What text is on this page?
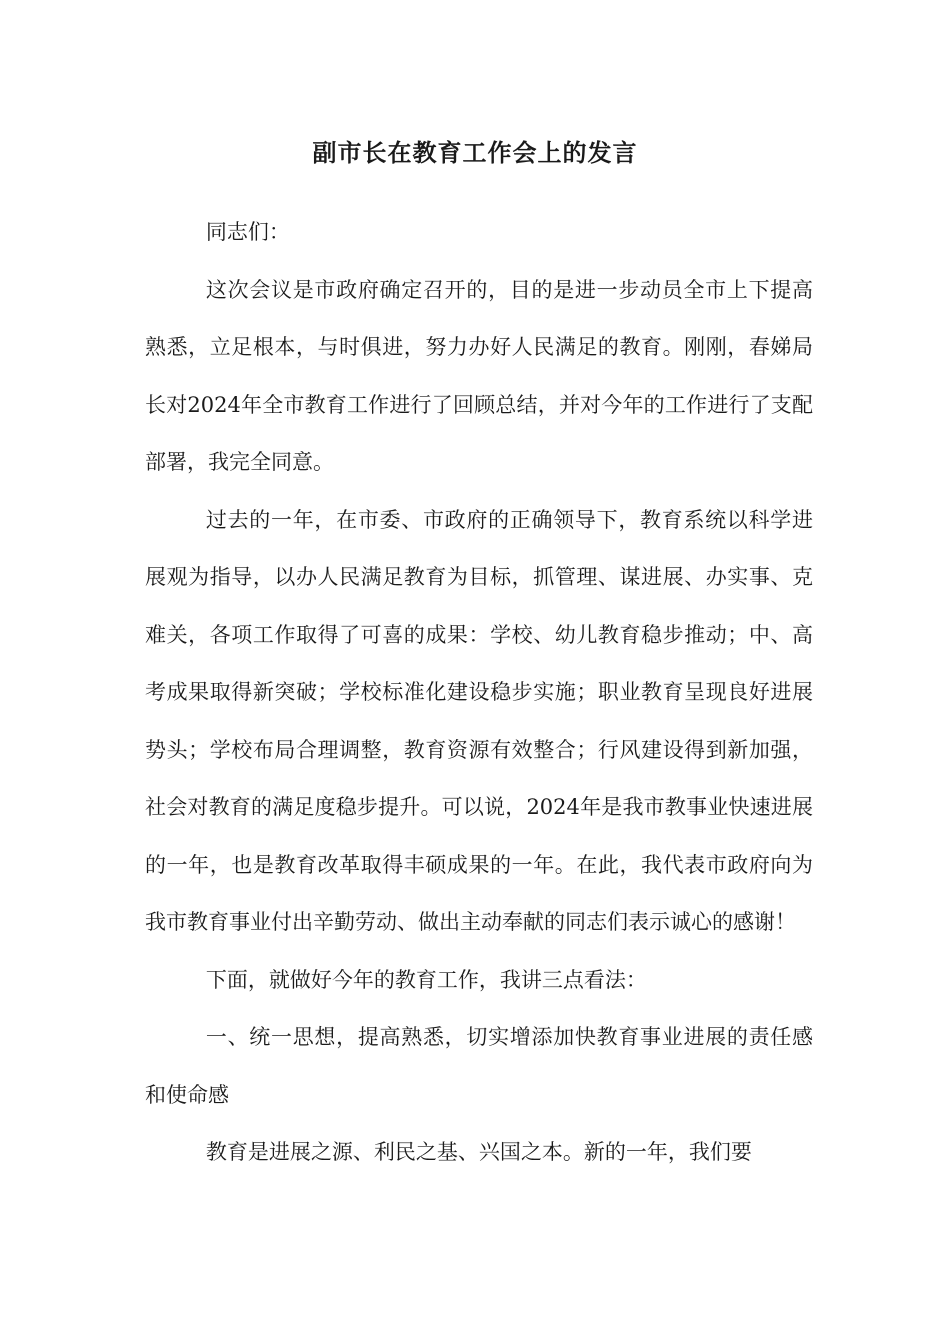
副市长在教育工作会上的发言

同志们：

这次会议是市政府确定召开的，目的是进一步动员全市上下提高熟悉，立足根本，与时俱进，努力办好人民满足的教育。刚刚，春娣局长对2024年全市教育工作进行了回顾总结，并对今年的工作进行了支配部署，我完全同意。

过去的一年，在市委、市政府的正确领导下，教育系统以科学进展观为指导，以办人民满足教育为目标，抓管理、谋进展、办实事、克难关，各项工作取得了可喜的成果：学校、幼儿教育稳步推动；中、高考成果取得新突破；学校标准化建设稳步实施；职业教育呈现良好进展势头；学校布局合理调整，教育资源有效整合；行风建设得到新加强，社会对教育的满足度稳步提升。可以说，2024年是我市教事业快速进展的一年，也是教育改革取得丰硕成果的一年。在此，我代表市政府向为我市教育事业付出辛勤劳动、做出主动奉献的同志们表示诚心的感谢！

下面，就做好今年的教育工作，我讲三点看法：

一、统一思想，提高熟悉，切实增添加快教育事业进展的责任感和使命感

教育是进展之源、利民之基、兴国之本。新的一年，我们要
